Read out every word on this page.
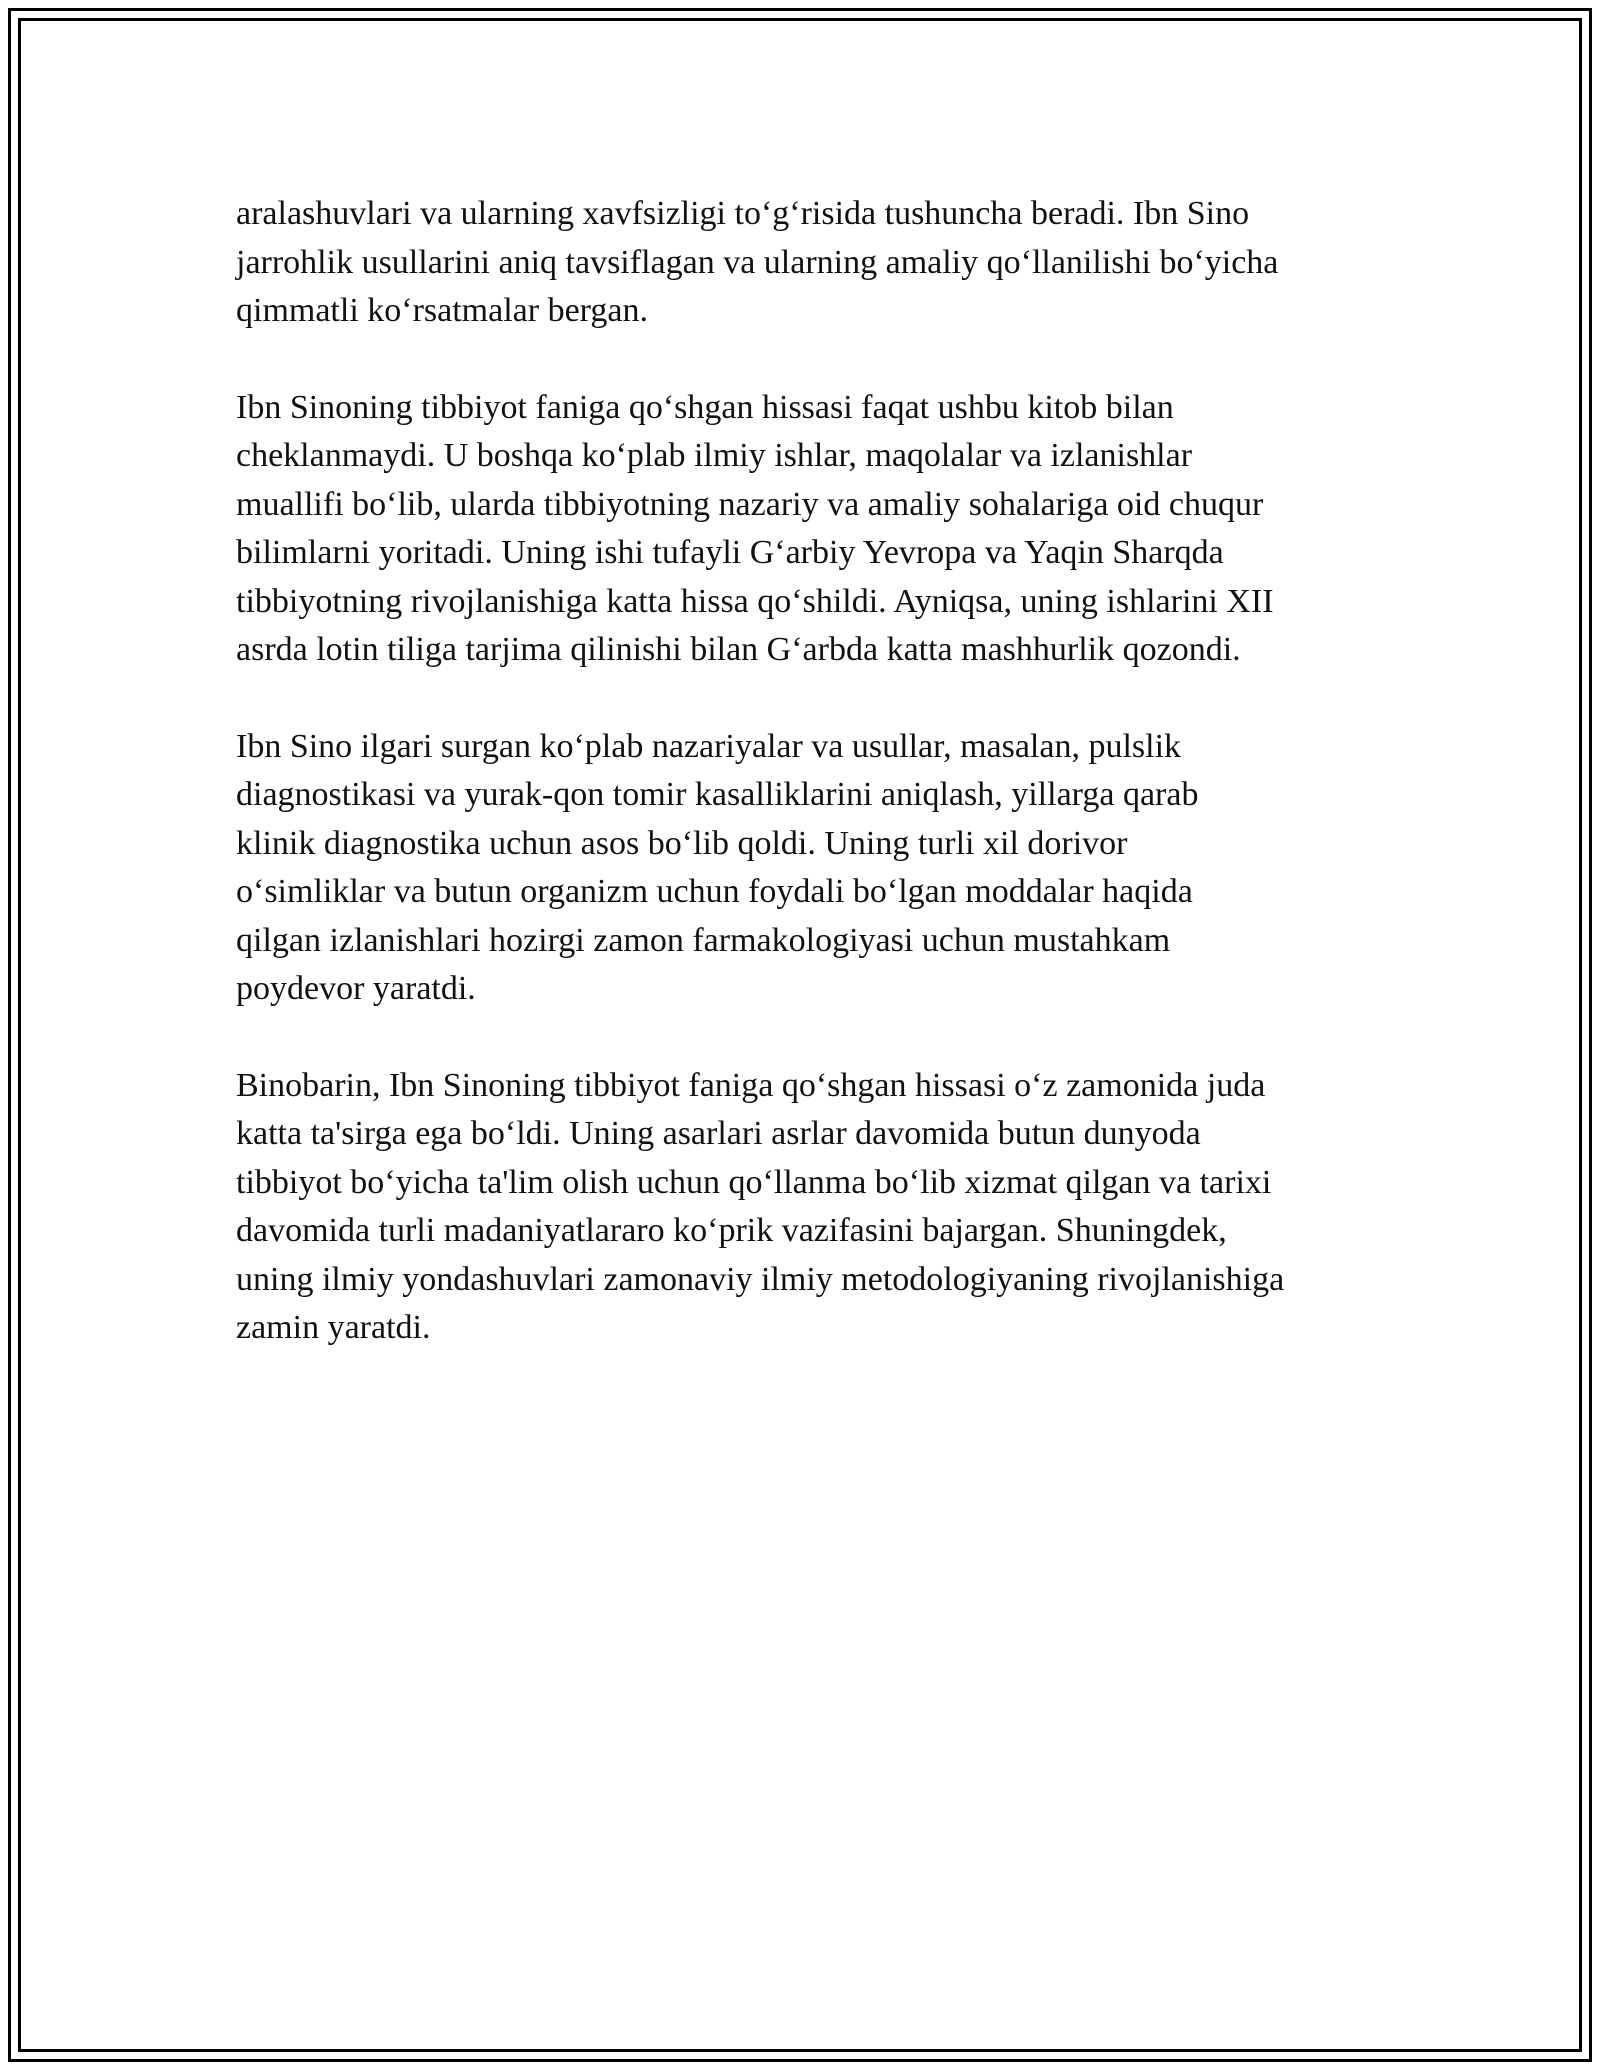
aralashuvlari va ularning xavfsizligi to‘g‘risida tushuncha beradi. Ibn Sino
jarrohlik usullarini aniq tavsiflagan va ularning amaliy qo‘llanilishi bo‘yicha
qimmatli ko‘rsatmalar bergan.

Ibn Sinoning tibbiyot faniga qo‘shgan hissasi faqat ushbu kitob bilan
cheklanmaydi. U boshqa ko‘plab ilmiy ishlar, maqolalar va izlanishlar
muallifi bo‘lib, ularda tibbiyotning nazariy va amaliy sohalariga oid chuqur
bilimlarni yoritadi. Uning ishi tufayli G‘arbiy Yevropa va Yaqin Sharqda
tibbiyotning rivojlanishiga katta hissa qo‘shildi. Ayniqsa, uning ishlarini XII
asrda lotin tiliga tarjima qilinishi bilan G‘arbda katta mashhurlik qozondi.

Ibn Sino ilgari surgan ko‘plab nazariyalar va usullar, masalan, pulslik
diagnostikasi va yurak-qon tomir kasalliklarini aniqlash, yillarga qarab
klinik diagnostika uchun asos bo‘lib qoldi. Uning turli xil dorivor
o‘simliklar va butun organizm uchun foydali bo‘lgan moddalar haqida
qilgan izlanishlari hozirgi zamon farmakologiyasi uchun mustahkam
poydevor yaratdi.

Binobarin, Ibn Sinoning tibbiyot faniga qo‘shgan hissasi o‘z zamonida juda
katta ta'sirga ega bo‘ldi. Uning asarlari asrlar davomida butun dunyoda
tibbiyot bo‘yicha ta'lim olish uchun qo‘llanma bo‘lib xizmat qilgan va tarixi
davomida turli madaniyatlararo ko‘prik vazifasini bajargan. Shuningdek,
uning ilmiy yondashuvlari zamonaviy ilmiy metodologiyaning rivojlanishiga
zamin yaratdi.
